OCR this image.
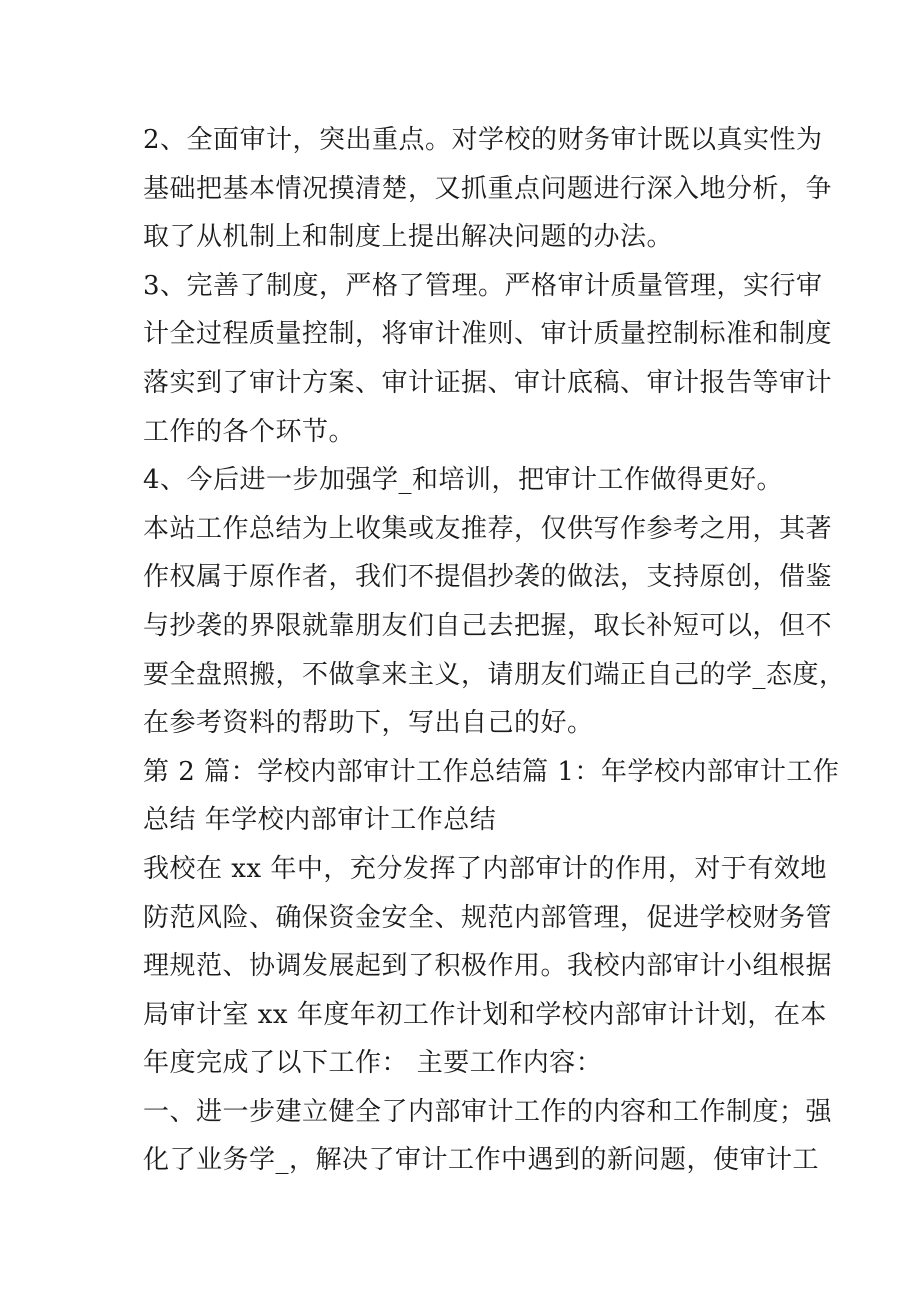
2、全面审计，突出重点。对学校的财务审计既以真实性为
基础把基本情况摸清楚，又抓重点问题进行深入地分析，争
取了从机制上和制度上提出解决问题的办法。
3、完善了制度，严格了管理。严格审计质量管理，实行审
计全过程质量控制，将审计准则、审计质量控制标准和制度
落实到了审计方案、审计证据、审计底稿、审计报告等审计
工作的各个环节。
4、今后进一步加强学_和培训，把审计工作做得更好。
本站工作总结为上收集或友推荐，仅供写作参考之用，其著
作权属于原作者，我们不提倡抄袭的做法，支持原创，借鉴
与抄袭的界限就靠朋友们自己去把握，取长补短可以，但不
要全盘照搬，不做拿来主义，请朋友们端正自己的学_态度，
在参考资料的帮助下，写出自己的好。
第 2 篇：学校内部审计工作总结篇 1：年学校内部审计工作
总结 年学校内部审计工作总结
我校在 xx 年中，充分发挥了内部审计的作用，对于有效地
防范风险、确保资金安全、规范内部管理，促进学校财务管
理规范、协调发展起到了积极作用。我校内部审计小组根据
局审计室 xx 年度年初工作计划和学校内部审计计划，在本
年度完成了以下工作： 主要工作内容：
一、进一步建立健全了内部审计工作的内容和工作制度；强
化了业务学_，解决了审计工作中遇到的新问题，使审计工
